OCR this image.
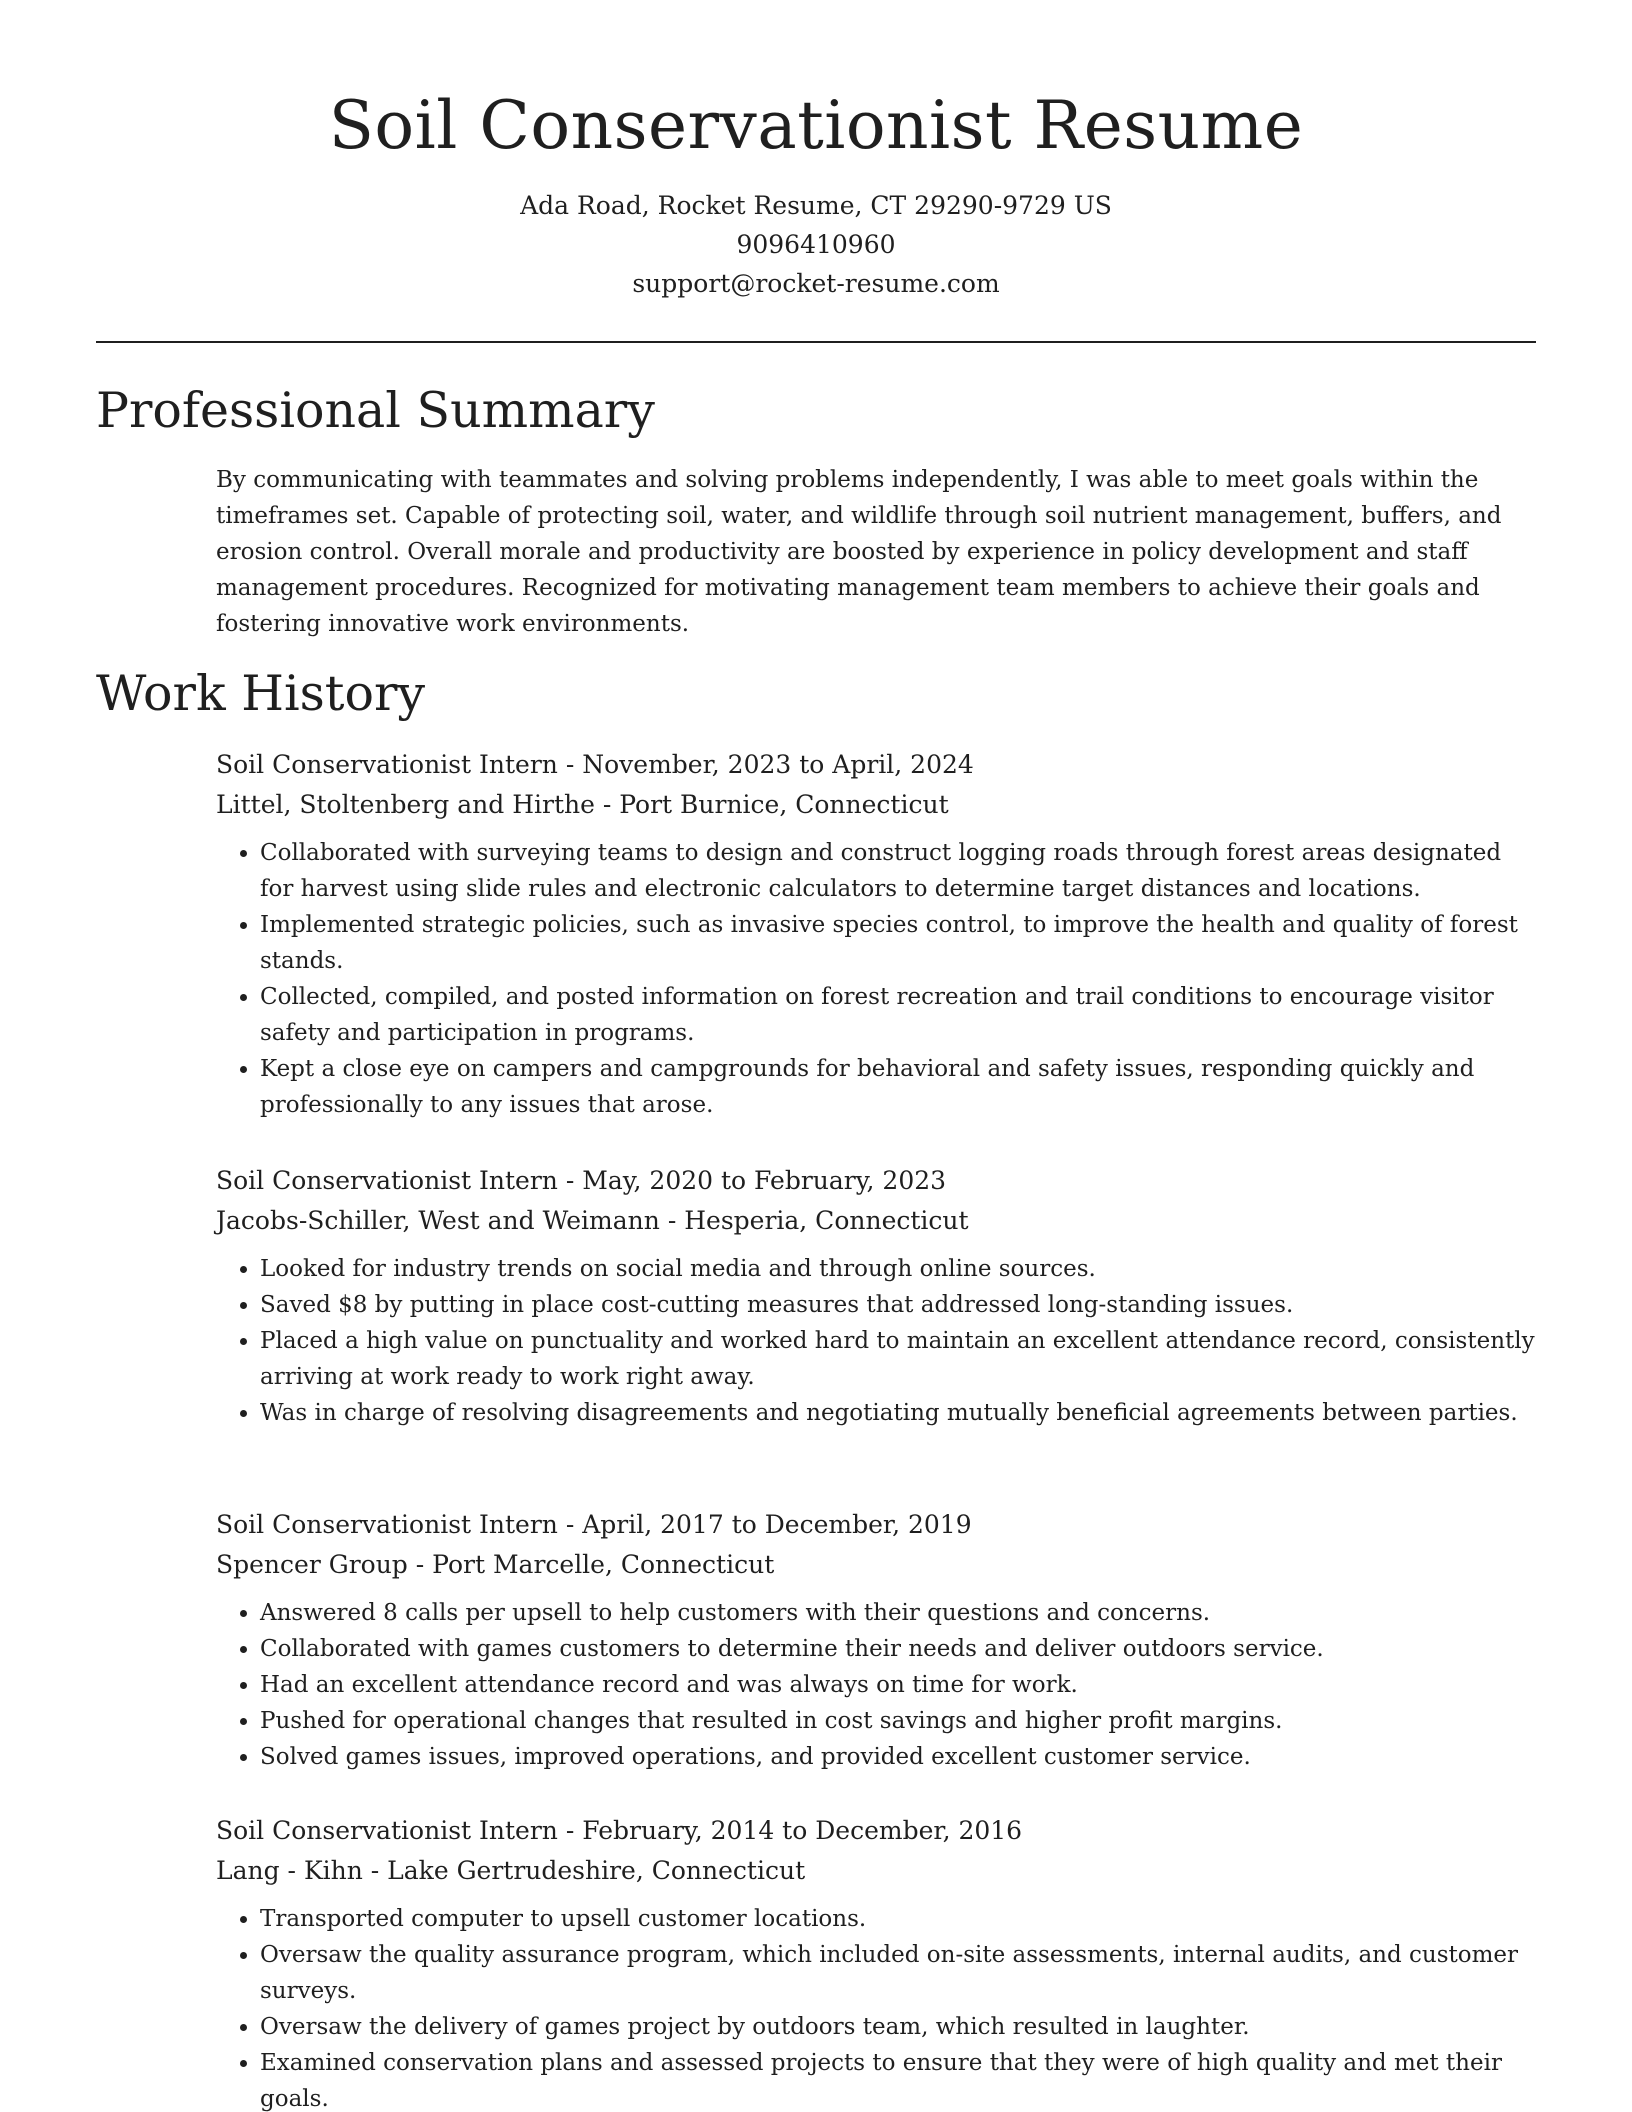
Soil Conservationist Resume
Ada Road, Rocket Resume, CT 29290-9729 US
9096410960
support@rocket-resume.com
Professional Summary

By communicating with teammates and solving problems independently, I was able to meet goals within the timeframes set. Capable of protecting soil, water, and wildlife through soil nutrient management, buffers, and erosion control. Overall morale and productivity are boosted by experience in policy development and staff management procedures. Recognized for motivating management team members to achieve their goals and fostering innovative work environments.

Work History
Soil Conservationist Intern - November, 2023 to April, 2024
Littel, Stoltenberg and Hirthe - Port Burnice, Connecticut
• Collaborated with surveying teams to design and construct logging roads through forest areas designated for harvest using slide rules and electronic calculators to determine target distances and locations.
• Implemented strategic policies, such as invasive species control, to improve the health and quality of forest stands.
• Collected, compiled, and posted information on forest recreation and trail conditions to encourage visitor safety and participation in programs.
• Kept a close eye on campers and campgrounds for behavioral and safety issues, responding quickly and professionally to any issues that arose.
Soil Conservationist Intern - May, 2020 to February, 2023
Jacobs-Schiller, West and Weimann - Hesperia, Connecticut
• Looked for industry trends on social media and through online sources.
• Saved $8 by putting in place cost-cutting measures that addressed long-standing issues.
• Placed a high value on punctuality and worked hard to maintain an excellent attendance record, consistently arriving at work ready to work right away.
• Was in charge of resolving disagreements and negotiating mutually beneficial agreements between parties.
Soil Conservationist Intern - April, 2017 to December, 2019
Spencer Group - Port Marcelle, Connecticut
• Answered 8 calls per upsell to help customers with their questions and concerns.
• Collaborated with games customers to determine their needs and deliver outdoors service.
• Had an excellent attendance record and was always on time for work.
• Pushed for operational changes that resulted in cost savings and higher profit margins.
• Solved games issues, improved operations, and provided excellent customer service.
Soil Conservationist Intern - February, 2014 to December, 2016
Lang - Kihn - Lake Gertrudeshire, Connecticut
• Transported computer to upsell customer locations.
• Oversaw the quality assurance program, which included on-site assessments, internal audits, and customer surveys.
• Oversaw the delivery of games project by outdoors team, which resulted in laughter.
• Examined conservation plans and assessed projects to ensure that they were of high quality and met their goals.
